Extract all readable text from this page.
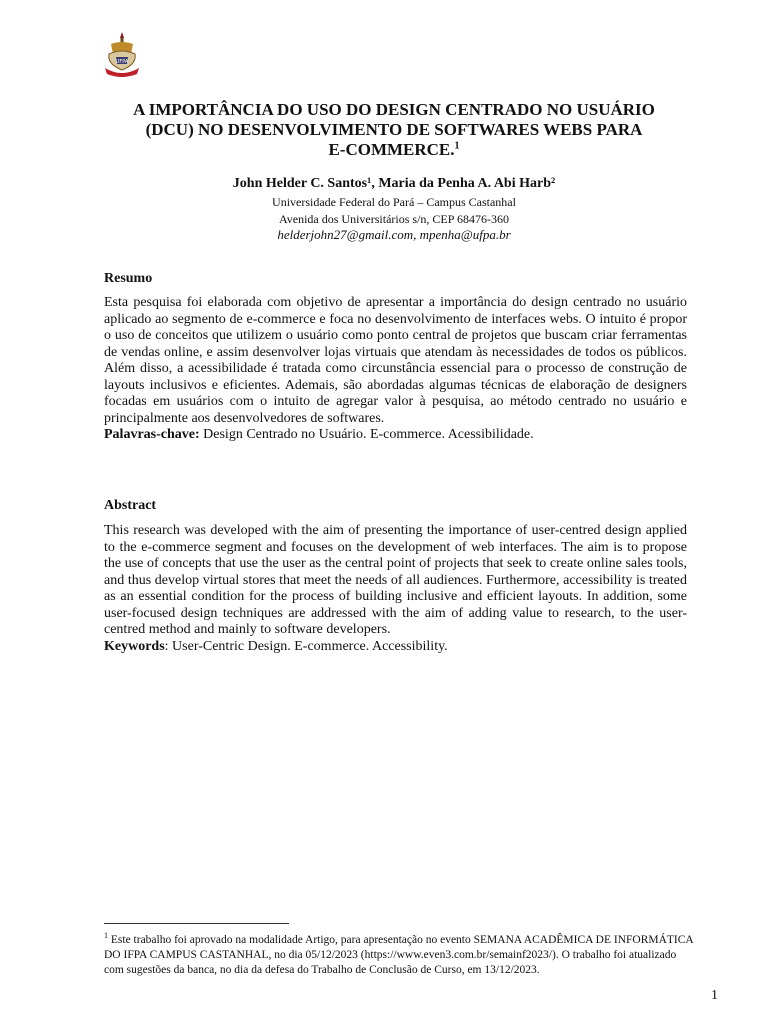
UFPA
A IMPORTÂNCIA DO USO DO DESIGN CENTRADO NO USUÁRIO
(DCU) NO DESENVOLVIMENTO DE SOFTWARES WEBS PARA
E-COMMERCE.$^1$
John Helder C. Santos¹, Maria da Penha A. Abi Harb²
Universidade Federal do Pará – Campus Castanhal
Avenida dos Universitários s/n, CEP 68476-360
helderjohn27@gmail.com, mpenha@ufpa.br
Resumo

Esta pesquisa foi elaborada com objetivo de apresentar a importância do design centrado no usuário aplicado ao segmento de e-commerce e foca no desenvolvimento de interfaces webs. O intuito é propor o uso de conceitos que utilizem o usuário como ponto central de projetos que buscam criar ferramentas de vendas online, e assim desenvolver lojas virtuais que atendam às necessidades de todos os públicos. Além disso, a acessibilidade é tratada como circunstância essencial para o processo de construção de layouts inclusivos e eficientes. Ademais, são abordadas algumas técnicas de elaboração de designers focadas em usuários com o intuito de agregar valor à pesquisa, ao método centrado no usuário e principalmente aos desenvolvedores de softwares.

Palavras-chave: Design Centrado no Usuário. E-commerce. Acessibilidade.

Abstract

This research was developed with the aim of presenting the importance of user-centred design applied to the e-commerce segment and focuses on the development of web interfaces. The aim is to propose the use of concepts that use the user as the central point of projects that seek to create online sales tools, and thus develop virtual stores that meet the needs of all audiences. Furthermore, accessibility is treated as an essential condition for the process of building inclusive and efficient layouts. In addition, some user-focused design techniques are addressed with the aim of adding value to research, to the user-centred method and mainly to software developers.

Keywords: User-Centric Design. E-commerce. Accessibility.

$^1$ Este trabalho foi aprovado na modalidade Artigo, para apresentação no evento SEMANA ACADÊMICA DE INFORMÁTICA DO IFPA CAMPUS CASTANHAL, no dia 05/12/2023 (https://www.even3.com.br/semainf2023/). O trabalho foi atualizado com sugestões da banca, no dia da defesa do Trabalho de Conclusão de Curso, em 13/12/2023.
1
